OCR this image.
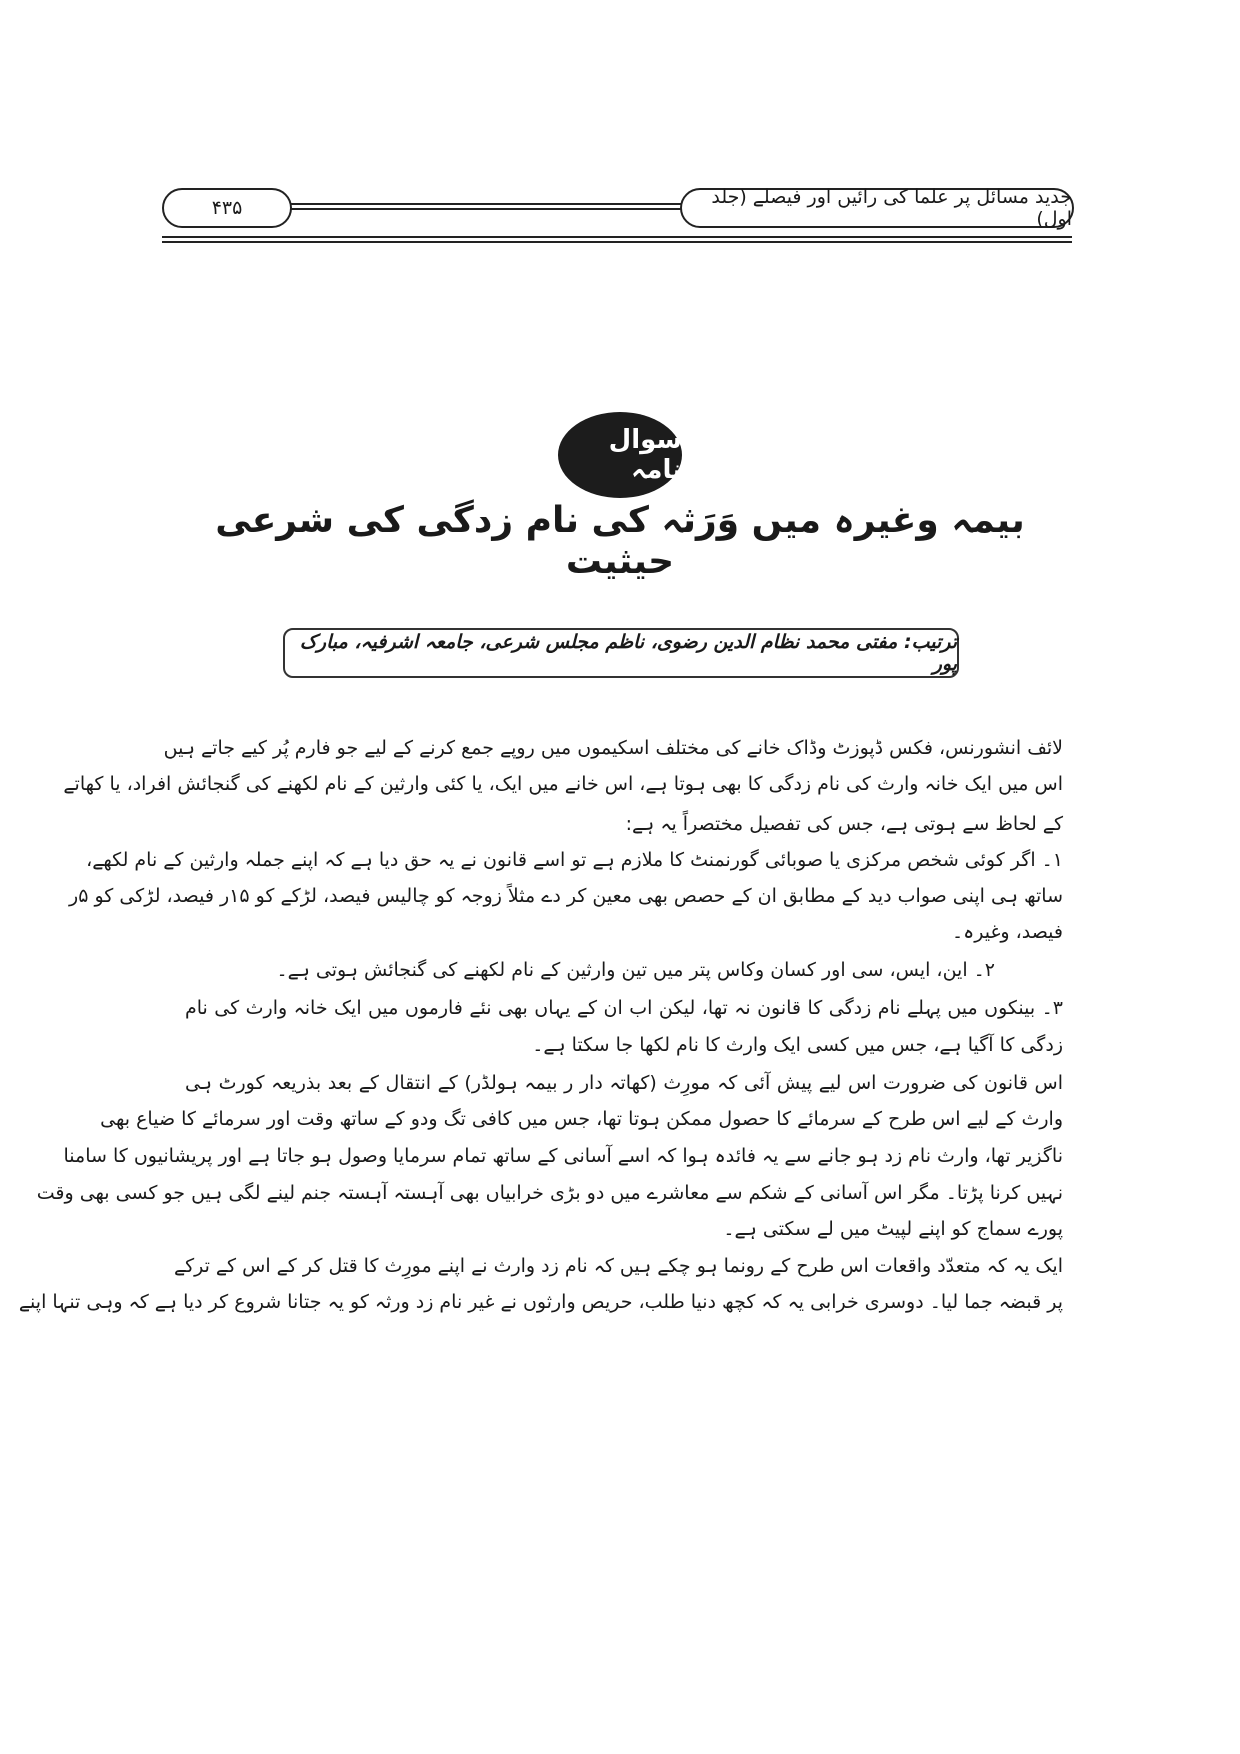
۴۳۵	جدید مسائل پر علما کی رائیں اور فیصلے (جلد اول)
سوال نامہ
بیمہ وغیرہ میں وَرَثہ کی نام زدگی کی شرعی حیثیت
ترتیب: مفتی محمد نظام الدین رضوی، ناظم مجلس شرعی، جامعہ اشرفیہ، مبارک پور
لائف انشورنس، فکس ڈپوزٹ وڈاک خانے کی مختلف اسکیموں میں روپے جمع کرنے کے لیے جو فارم پُر کیے جاتے ہیں
اس میں ایک خانہ وارث کی نام زدگی کا بھی ہوتا ہے، اس خانے میں ایک، یا کئی وارثین کے نام لکھنے کی گنجائش افراد، یا کھاتے
کے لحاظ سے ہوتی ہے، جس کی تفصیل مختصراً یہ ہے:
۱۔ اگر کوئی شخص مرکزی یا صوبائی گورنمنٹ کا ملازم ہے تو اسے قانون نے یہ حق دیا ہے کہ اپنے جملہ وارثین کے نام لکھے،
ساتھ ہی اپنی صواب دید کے مطابق ان کے حصص بھی معین کر دے مثلاً زوجہ کو چالیس فیصد، لڑکے کو ۱۵ر فیصد، لڑکی کو ۵ر
فیصد، وغیرہ۔
۲۔ این، ایس، سی اور کسان وکاس پتر میں تین وارثین کے نام لکھنے کی گنجائش ہوتی ہے۔
۳۔ بینکوں میں پہلے نام زدگی کا قانون نہ تھا، لیکن اب ان کے یہاں بھی نئے فارموں میں ایک خانہ وارث کی نام
زدگی کا آگیا ہے، جس میں کسی ایک وارث کا نام لکھا جا سکتا ہے۔
اس قانون کی ضرورت اس لیے پیش آئی کہ مورِث (کھاتہ دار ر بیمہ ہولڈر) کے انتقال کے بعد بذریعہ کورٹ ہی
وارث کے لیے اس طرح کے سرمائے کا حصول ممکن ہوتا تھا، جس میں کافی تگ ودو کے ساتھ وقت اور سرمائے کا ضیاع بھی
ناگزیر تھا، وارث نام زد ہو جانے سے یہ فائدہ ہوا کہ اسے آسانی کے ساتھ تمام سرمایا وصول ہو جاتا ہے اور پریشانیوں کا سامنا
نہیں کرنا پڑتا۔ مگر اس آسانی کے شکم سے معاشرے میں دو بڑی خرابیاں بھی آہستہ آہستہ جنم لینے لگی ہیں جو کسی بھی وقت
پورے سماج کو اپنے لپیٹ میں لے سکتی ہے۔
ایک یہ کہ متعدّد واقعات اس طرح کے رونما ہو چکے ہیں کہ نام زد وارث نے اپنے مورِث کا قتل کر کے اس کے ترکے
پر قبضہ جما لیا۔ دوسری خرابی یہ کہ کچھ دنیا طلب، حریص وارثوں نے غیر نام زد ورثہ کو یہ جتانا شروع کر دیا ہے کہ وہی تنہا اپنے
